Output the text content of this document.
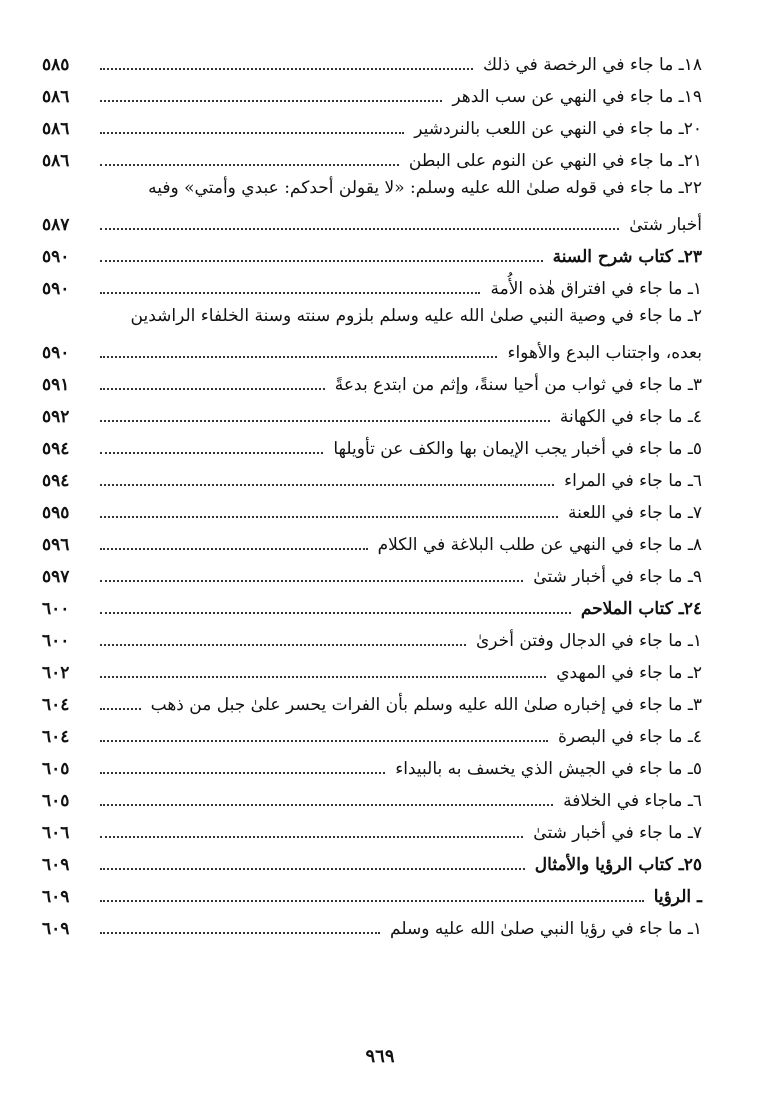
١٨ـ ما جاء في الرخصة في ذلك
٥٨٥
١٩ـ ما جاء في النهي عن سب الدهر
٥٨٦
٢٠ـ ما جاء في النهي عن اللعب بالنردشير
٥٨٦
٢١ـ ما جاء في النهي عن النوم على البطن
٥٨٦
٢٢ـ ما جاء في قوله صلىٰ الله عليه وسلم: «لا يقولن أحدكم: عبدي وأمتي» وفيه
أخبار شتىٰ
٥٨٧
٢٣ـ كتاب شرح السنة
٥٩٠
١ـ ما جاء في افتراق هٰذه الأُمة
٥٩٠
٢ـ ما جاء في وصية النبي صلىٰ الله عليه وسلم بلزوم سنته وسنة الخلفاء الراشدين
بعده، واجتناب البدع والأهواء
٥٩٠
٣ـ ما جاء في ثواب من أحيا سنةً، وإثم من ابتدع بدعةً
٥٩١
٤ـ ما جاء في الكهانة
٥٩٢
٥ـ ما جاء في أخبار يجب الإيمان بها والكف عن تأويلها
٥٩٤
٦ـ ما جاء في المراء
٥٩٤
٧ـ ما جاء في اللعنة
٥٩٥
٨ـ ما جاء في النهي عن طلب البلاغة في الكلام
٥٩٦
٩ـ ما جاء في أخبار شتىٰ
٥٩٧
٢٤ـ كتاب الملاحم
٦٠٠
١ـ ما جاء في الدجال وفتن أخرىٰ
٦٠٠
٢ـ ما جاء في المهدي
٦٠٢
٣ـ ما جاء في إخباره صلىٰ الله عليه وسلم بأن الفرات يحسر علىٰ جبل من ذهب
٦٠٤
٤ـ ما جاء في البصرة
٦٠٤
٥ـ ما جاء في الجيش الذي يخسف به بالبيداء
٦٠٥
٦ـ ماجاء في الخلافة
٦٠٥
٧ـ ما جاء في أخبار شتىٰ
٦٠٦
٢٥ـ كتاب الرؤيا والأمثال
٦٠٩
ـ الرؤيا
٦٠٩
١ـ ما جاء في رؤيا النبي صلىٰ الله عليه وسلم
٦٠٩
٩٦٩
